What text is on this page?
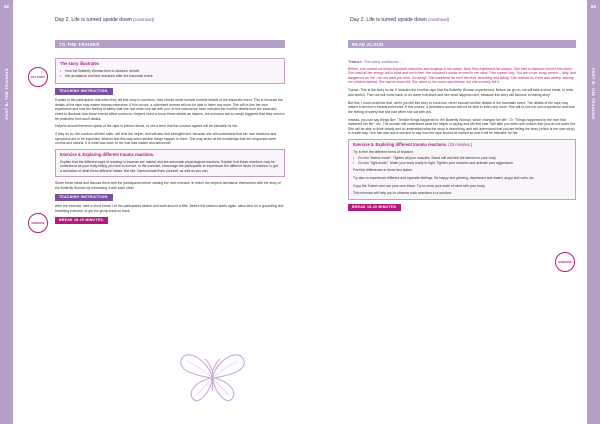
52
PART B: THE TRAINING
Day 2. Life is turned upside down (continued)
TO THE TRAINER
KEY POINT
EXERCISE
The story illustrates
• How the Butterfly Woman tries to distance herself.
• Her avoidance and fear reactions after the traumatic event.
TEACHING INSTRUCTION.

Explain to the participants that when they tell this story to survivors, they should never include horrible details of the traumatic event. This is because the details of the rape may waken trauma-memories. If this occurs, a victimised woman will not be able to listen any more. She will re-live her own experience and lose the feeling of safety that she had when she sat with you. In this manual we have included the horrible details from the traumatic event to illustrate how these events affect survivors. Helpers need to know these details as helpers, but survivors are so easily triggered that they need to be protected from such details.

Helpers should therefore speak of the rape in indirect terms, or use a term that the survivor agrees will be tolerable for her.

If they do so, the survivor will feel safer, will trust the helper, and will also feel strengthened, because she will understand that her own reactions and symptoms are to be expected. Women feel this way when terrible things happen to them. She may arrive at the knowledge that her responses were normal and natural. It is what was done to her that was insane and abnormal!

Exercise 4. Exploring different trauma reactions.

Explain that the different ways of reacting to traumas are natural and are automatic physiological reactions. Explain that these reactions may be understood as your body telling you how to survive. In the exercise, encourage the participants to experience the different kinds of reaction, to get a sensation of what these different 'states' feel like. Demonstrate them yourself, as well as you can.

Share these ideas and discuss them with the participants before starting the next exercise, in which the helpers familiarise themselves with the story of the Butterfly Woman by rehearsing it with each other.

TEACHING INSTRUCTION.

After the exercise, take a short break. Let the participants stretch and walk around a little. Before the session starts again, allow time for a grounding and breathing exercise, to get the group back on track.

BREAK 15-20 MINUTES.
53
PART B: THE TRAINING
Day 2. Life is turned upside down (continued)
READ ALOUD
EXERCISE
Trainer: The story continues…

Before, she carried out minor important memories and longings in her wings. Now, they frightened her always. She tried to distance herself from them. She used all her energy not to think and not to feel. Her husband's words echoed in her mind: "You cannot stay. You are a ruin, lousy person – dirty, and dangerous for me. I do not want you here. Go away!" She wandered far from the river, stumbling and falling. She realised as if she was asleep, leaving her children behind. She had no tears left. She alone in her world was intense, but she scarcely felt it.

Trainer: This is the story so far. It includes the horrible rape that the Butterfly Woman experienced. Before we go on, we will take a short break, to relax and stretch. Then we will come back, to do some exercises and see what happens next, because this story will become a healing story.

But first, I must underline that, when you tell this story to survivors, never include horrible details of the traumatic event. The details of the rape may waken a survivor's trauma-memories. If this occurs, a victimised woman will not be able to listen any more. She will re-live her own experience and lose the feeling of safety that she had when she sat with you.

Instead, you can say things like: "Terrible things happened to the Butterfly Woman, which changed her life", Or "Things happened by the river that darkened her life", etc. The woman will understand what her helper is saying and will feel safe. Will take you when she notices that you do not scare her. She will be able to think clearly and to understand what the story is describing, and will understand that you are telling the story (which is her own story) in a safe way. One can also ask a survivor to say how the rape should be named so that it will be tolerable for her.

Exercise 5. Exploring different trauma reactions. (15 minutes.)

Try to feel the different forms of reaction.

• Go into "freeze mode". Tighten all your muscles. Stand still and feel the tension in your body.
• Go into "fight mode". Make your body ready to fight. Tighten your muscles and activate your aggression.

Feel the differences in these two states.

Try also to experience different and opposite feelings. Be happy and grieving, depressed and elated, angry and calm, etc.

Copy the Trainer and use your own ideas. Try to show your state of mind with your body.

This exercise will help you to observe such reactions in a survivor.

BREAK 15-20 MINUTES.
